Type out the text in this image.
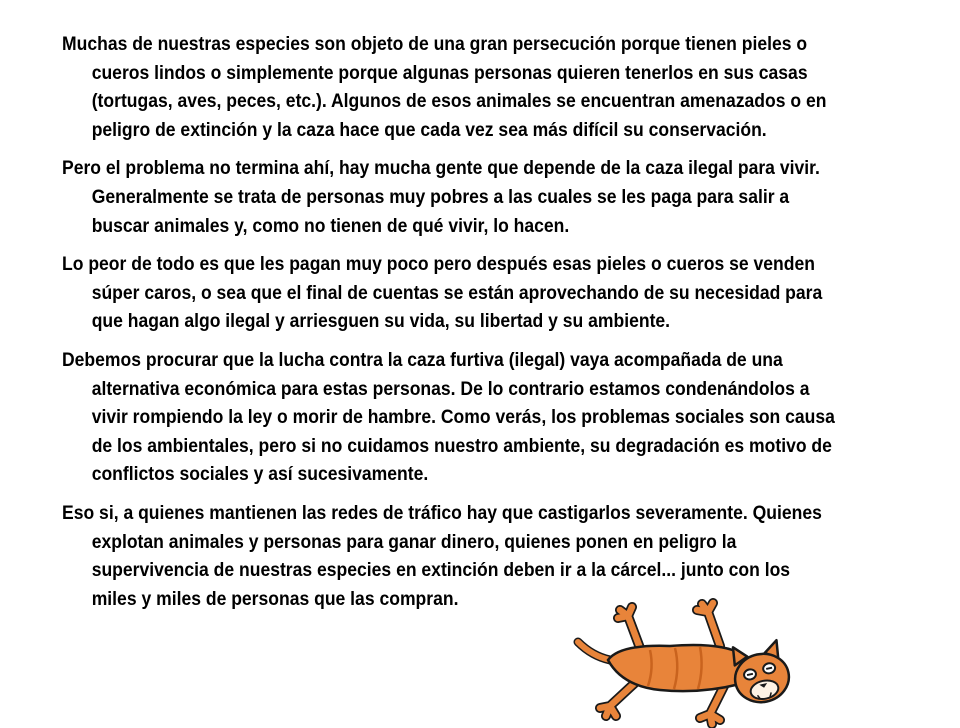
Muchas de nuestras especies son objeto de una gran persecución porque tienen pieles o cueros lindos o simplemente porque algunas personas quieren tenerlos en sus casas (tortugas, aves, peces, etc.). Algunos de esos animales se encuentran amenazados o en peligro de extinción y la caza hace que cada vez sea más difícil su conservación.

Pero el problema no termina ahí, hay mucha gente que depende de la caza ilegal para vivir. Generalmente se trata de personas muy pobres a las cuales se les paga para salir a buscar animales y, como no tienen de qué vivir, lo hacen.

Lo peor de todo es que les pagan muy poco pero después esas pieles o cueros se venden súper caros, o sea que el final de cuentas se están aprovechando de su necesidad para que hagan algo ilegal y arriesguen su vida, su libertad y su ambiente.

Debemos procurar que la lucha contra la caza furtiva (ilegal) vaya acompañada de una alternativa económica para estas personas. De lo contrario estamos condenándolos a vivir rompiendo la ley o morir de hambre. Como verás, los problemas sociales son causa de los ambientales, pero si no cuidamos nuestro ambiente, su degradación es motivo de conflictos sociales y así sucesivamente.

Eso si, a quienes mantienen las redes de tráfico hay que castigarlos severamente. Quienes explotan animales y personas para ganar dinero, quienes ponen en peligro la supervivencia de nuestras especies en extinción deben ir a la cárcel... junto con los miles y miles de personas que las compran.
